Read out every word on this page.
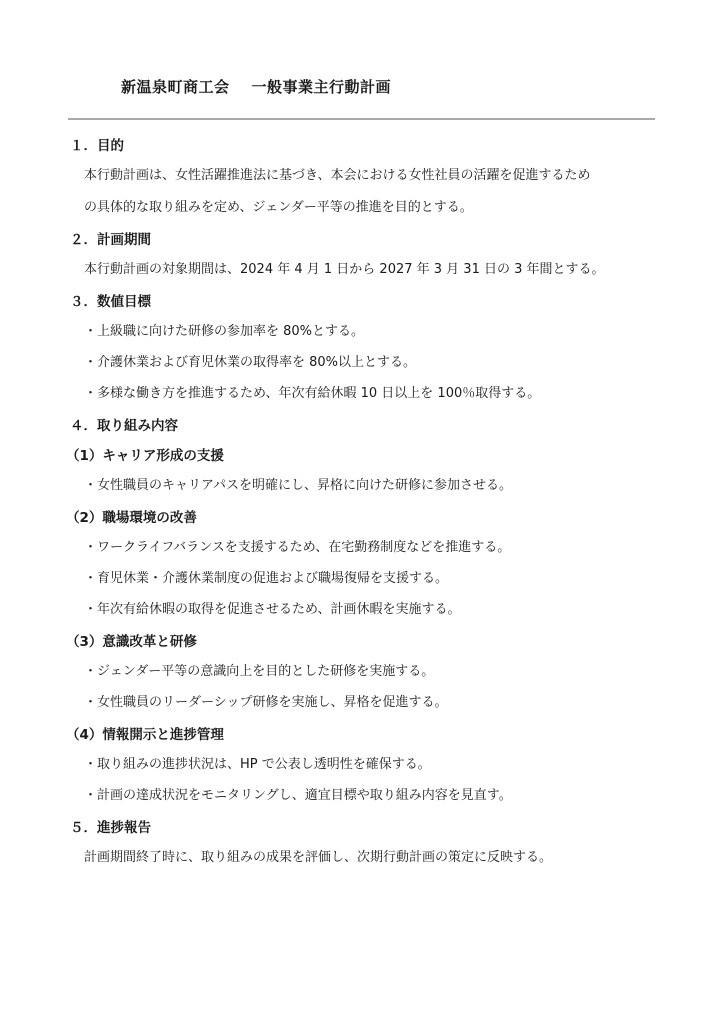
新温泉町商工会 一般事業主行動計画

１．目的

本行動計画は、女性活躍推進法に基づき、本会における女性社員の活躍を促進するため

の具体的な取り組みを定め、ジェンダー平等の推進を目的とする。

２．計画期間

本行動計画の対象期間は、2024 年 4 月 1 日から 2027 年 3 月 31 日の 3 年間とする。

３．数値目標

・上級職に向けた研修の参加率を 80%とする。

・介護休業および育児休業の取得率を 80%以上とする。

・多様な働き方を推進するため、年次有給休暇 10 日以上を 100％取得する。

４．取り組み内容

（1）キャリア形成の支援

・女性職員のキャリアパスを明確にし、昇格に向けた研修に参加させる。

（2）職場環境の改善

・ワークライフバランスを支援するため、在宅勤務制度などを推進する。

・育児休業・介護休業制度の促進および職場復帰を支援する。

・年次有給休暇の取得を促進させるため、計画休暇を実施する。

（3）意識改革と研修

・ジェンダー平等の意識向上を目的とした研修を実施する。

・女性職員のリーダーシップ研修を実施し、昇格を促進する。

（4）情報開示と進捗管理

・取り組みの進捗状況は、HP で公表し透明性を確保する。

・計画の達成状況をモニタリングし、適宜目標や取り組み内容を見直す。

５．進捗報告

計画期間終了時に、取り組みの成果を評価し、次期行動計画の策定に反映する。
